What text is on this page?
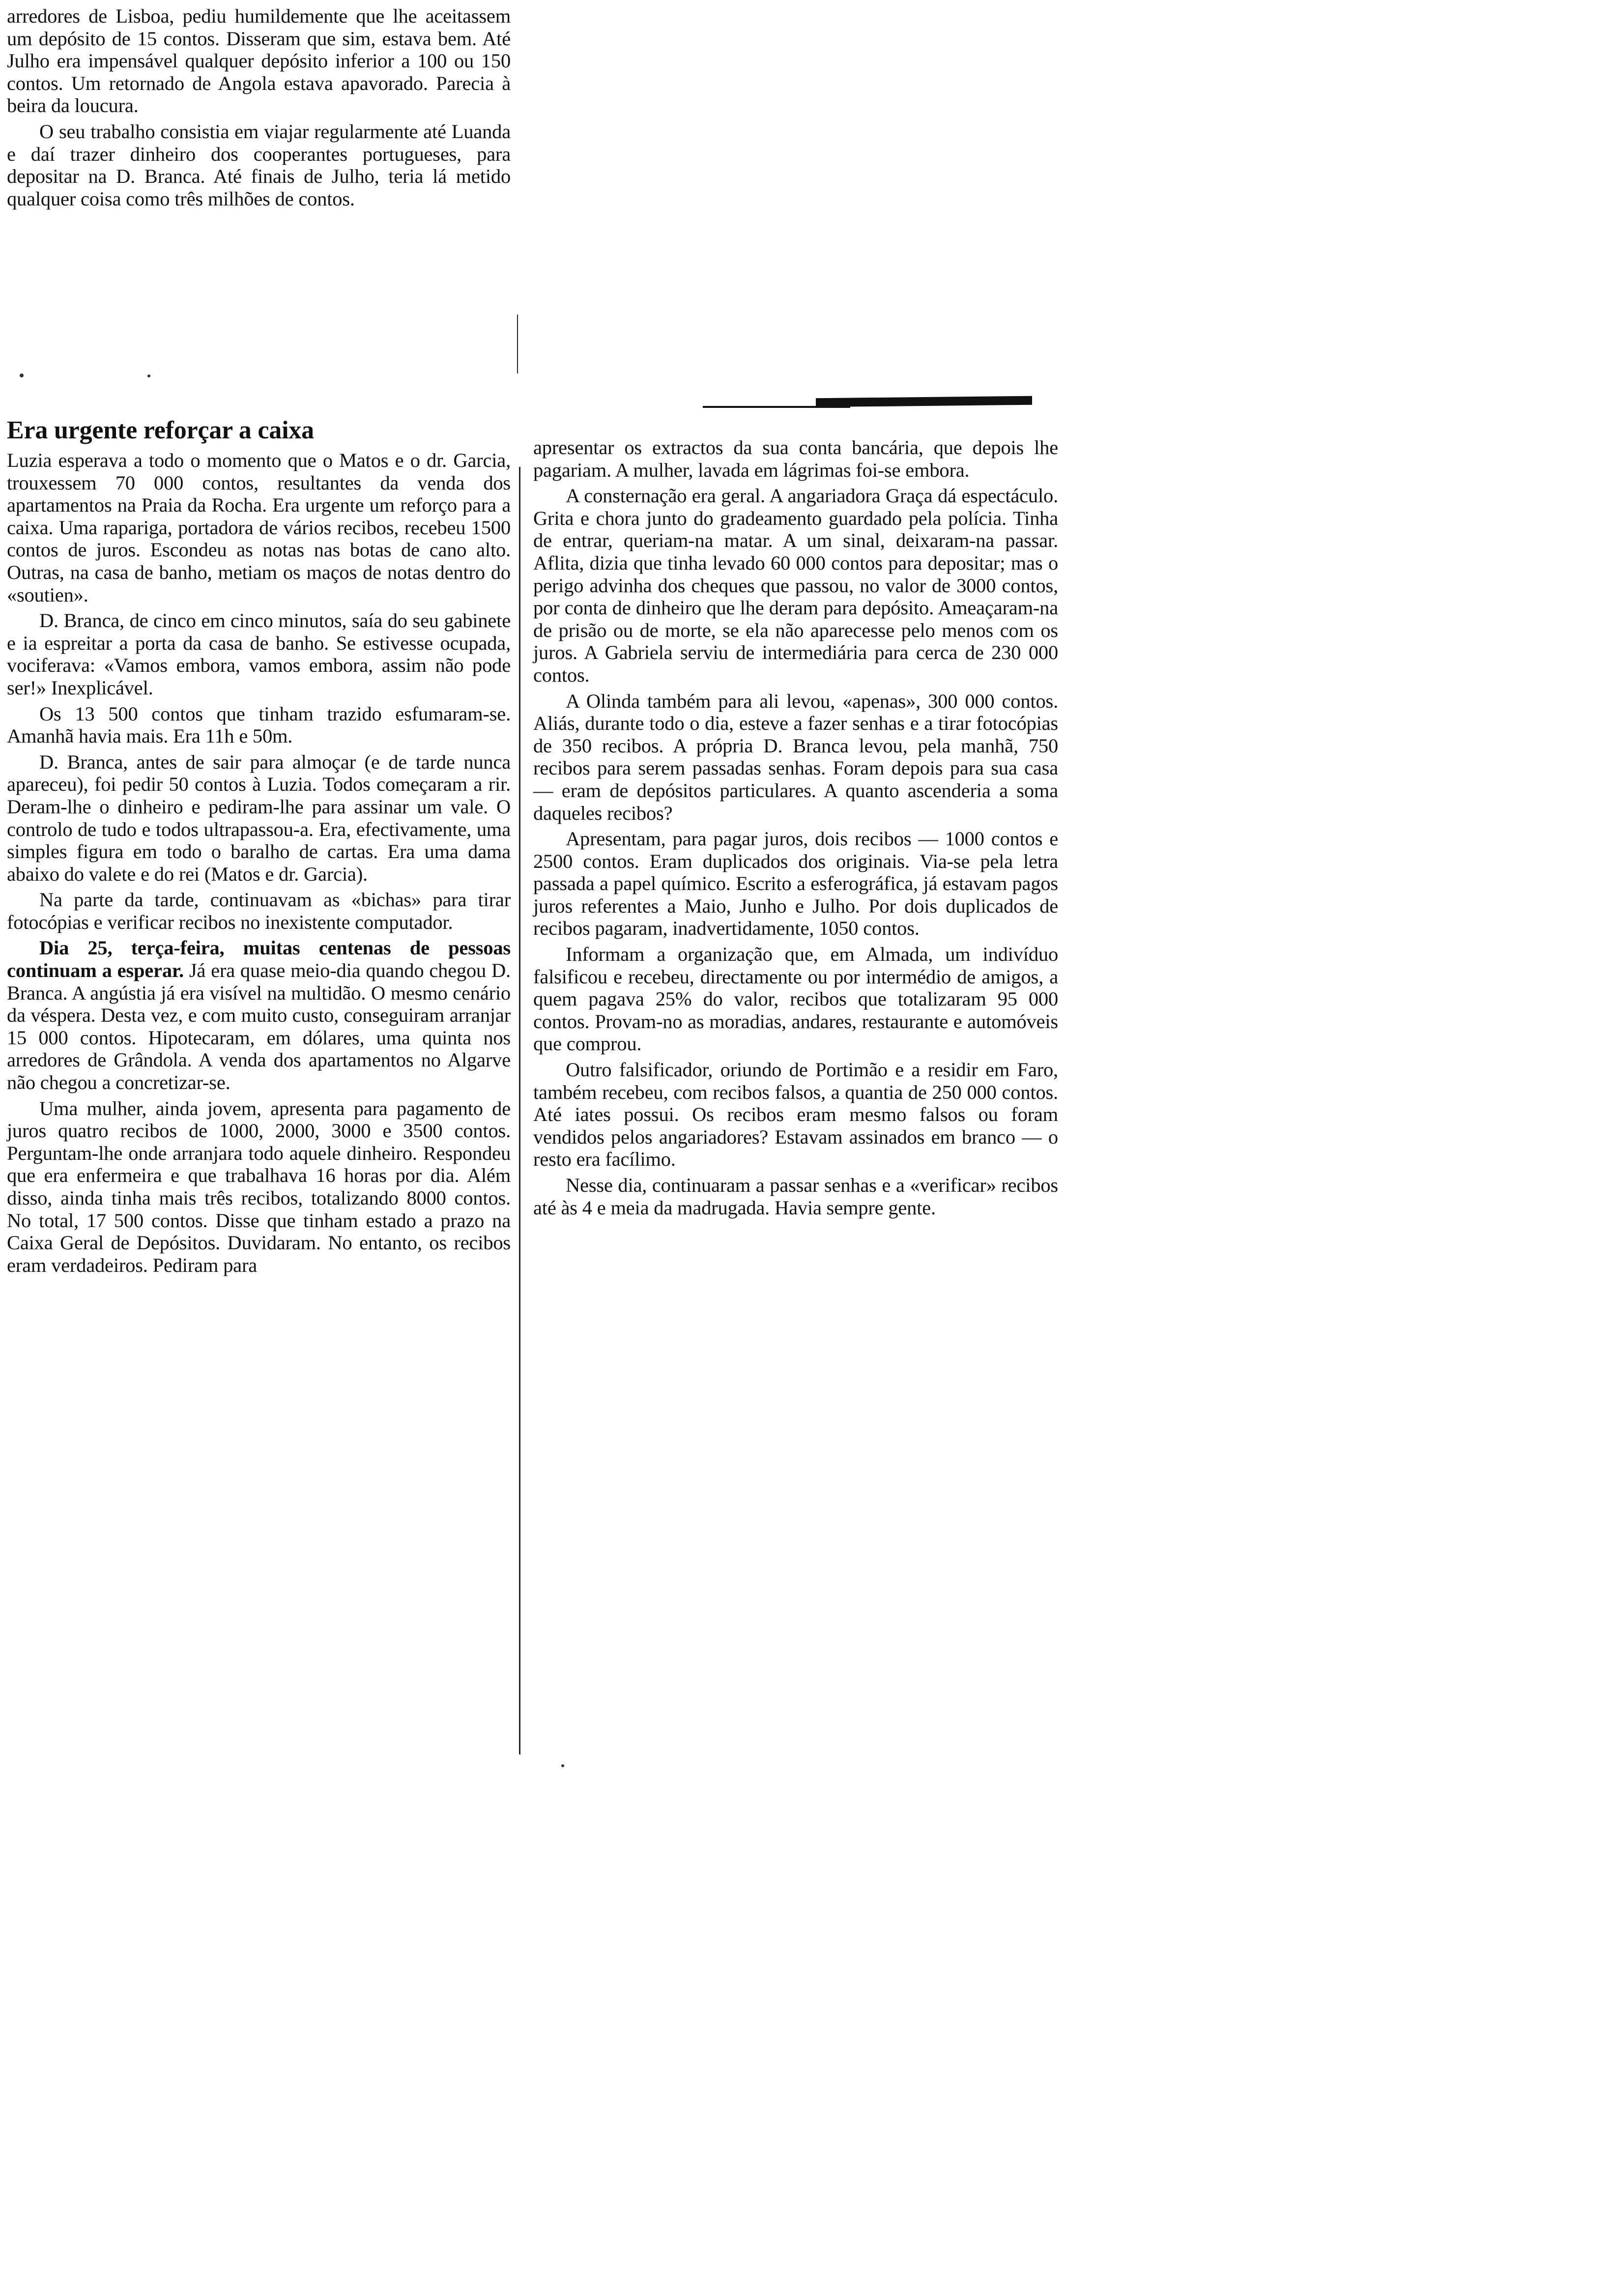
arredores de Lisboa, pediu humildemente que lhe aceitassem um depósito de 15 contos. Disseram que sim, estava bem. Até Julho era impensável qualquer depósito inferior a 100 ou 150 contos. Um retornado de Angola estava apavorado. Parecia à beira da loucura.

O seu trabalho consistia em viajar regularmente até Luanda e daí trazer dinheiro dos cooperantes portugueses, para depositar na D. Branca. Até finais de Julho, teria lá metido qualquer coisa como três milhões de contos.

Era urgente reforçar a caixa

Luzia esperava a todo o momento que o Matos e o dr. Garcia, trouxessem 70 000 contos, resultantes da venda dos apartamentos na Praia da Rocha. Era urgente um reforço para a caixa. Uma rapariga, portadora de vários recibos, recebeu 1500 contos de juros. Escondeu as notas nas botas de cano alto. Outras, na casa de banho, metiam os maços de notas dentro do «soutien».

D. Branca, de cinco em cinco minutos, saía do seu gabinete e ia espreitar a porta da casa de banho. Se estivesse ocupada, vociferava: «Vamos embora, vamos embora, assim não pode ser!» Inexplicável.

Os 13 500 contos que tinham trazido esfumaram-se. Amanhã havia mais. Era 11h e 50m.

D. Branca, antes de sair para almoçar (e de tarde nunca apareceu), foi pedir 50 contos à Luzia. Todos começaram a rir. Deram-lhe o dinheiro e pediram-lhe para assinar um vale. O controlo de tudo e todos ultrapassou-a. Era, efectivamente, uma simples figura em todo o baralho de cartas. Era uma dama abaixo do valete e do rei (Matos e dr. Garcia).

Na parte da tarde, continuavam as «bichas» para tirar fotocópias e verificar recibos no inexistente computador.

Dia 25, terça-feira, muitas centenas de pessoas continuam a esperar. Já era quase meio-dia quando chegou D. Branca. A angústia já era visível na multidão. O mesmo cenário da véspera. Desta vez, e com muito custo, conseguiram arranjar 15 000 contos. Hipotecaram, em dólares, uma quinta nos arredores de Grândola. A venda dos apartamentos no Algarve não chegou a concretizar-se.

Uma mulher, ainda jovem, apresenta para pagamento de juros quatro recibos de 1000, 2000, 3000 e 3500 contos. Perguntam-lhe onde arranjara todo aquele dinheiro. Respondeu que era enfermeira e que trabalhava 16 horas por dia. Além disso, ainda tinha mais três recibos, totalizando 8000 contos. No total, 17 500 contos. Disse que tinham estado a prazo na Caixa Geral de Depósitos. Duvidaram. No entanto, os recibos eram verdadeiros. Pediram para

apresentar os extractos da sua conta bancária, que depois lhe pagariam. A mulher, lavada em lágrimas foi-se embora.

A consternação era geral. A angariadora Graça dá espectáculo. Grita e chora junto do gradeamento guardado pela polícia. Tinha de entrar, queriam-na matar. A um sinal, deixaram-na passar. Aflita, dizia que tinha levado 60 000 contos para depositar; mas o perigo advinha dos cheques que passou, no valor de 3000 contos, por conta de dinheiro que lhe deram para depósito. Ameaçaram-na de prisão ou de morte, se ela não aparecesse pelo menos com os juros. A Gabriela serviu de intermediária para cerca de 230 000 contos.

A Olinda também para ali levou, «apenas», 300 000 contos. Aliás, durante todo o dia, esteve a fazer senhas e a tirar fotocópias de 350 recibos. A própria D. Branca levou, pela manhã, 750 recibos para serem passadas senhas. Foram depois para sua casa — eram de depósitos particulares. A quanto ascenderia a soma daqueles recibos?

Apresentam, para pagar juros, dois recibos — 1000 contos e 2500 contos. Eram duplicados dos originais. Via-se pela letra passada a papel químico. Escrito a esferográfica, já estavam pagos juros referentes a Maio, Junho e Julho. Por dois duplicados de recibos pagaram, inadvertidamente, 1050 contos.

Informam a organização que, em Almada, um indivíduo falsificou e recebeu, directamente ou por intermédio de amigos, a quem pagava 25% do valor, recibos que totalizaram 95 000 contos. Provam-no as moradias, andares, restaurante e automóveis que comprou.

Outro falsificador, oriundo de Portimão e a residir em Faro, também recebeu, com recibos falsos, a quantia de 250 000 contos. Até iates possui. Os recibos eram mesmo falsos ou foram vendidos pelos angariadores? Estavam assinados em branco — o resto era facílimo.

Nesse dia, continuaram a passar senhas e a «verificar» recibos até às 4 e meia da madrugada. Havia sempre gente.
